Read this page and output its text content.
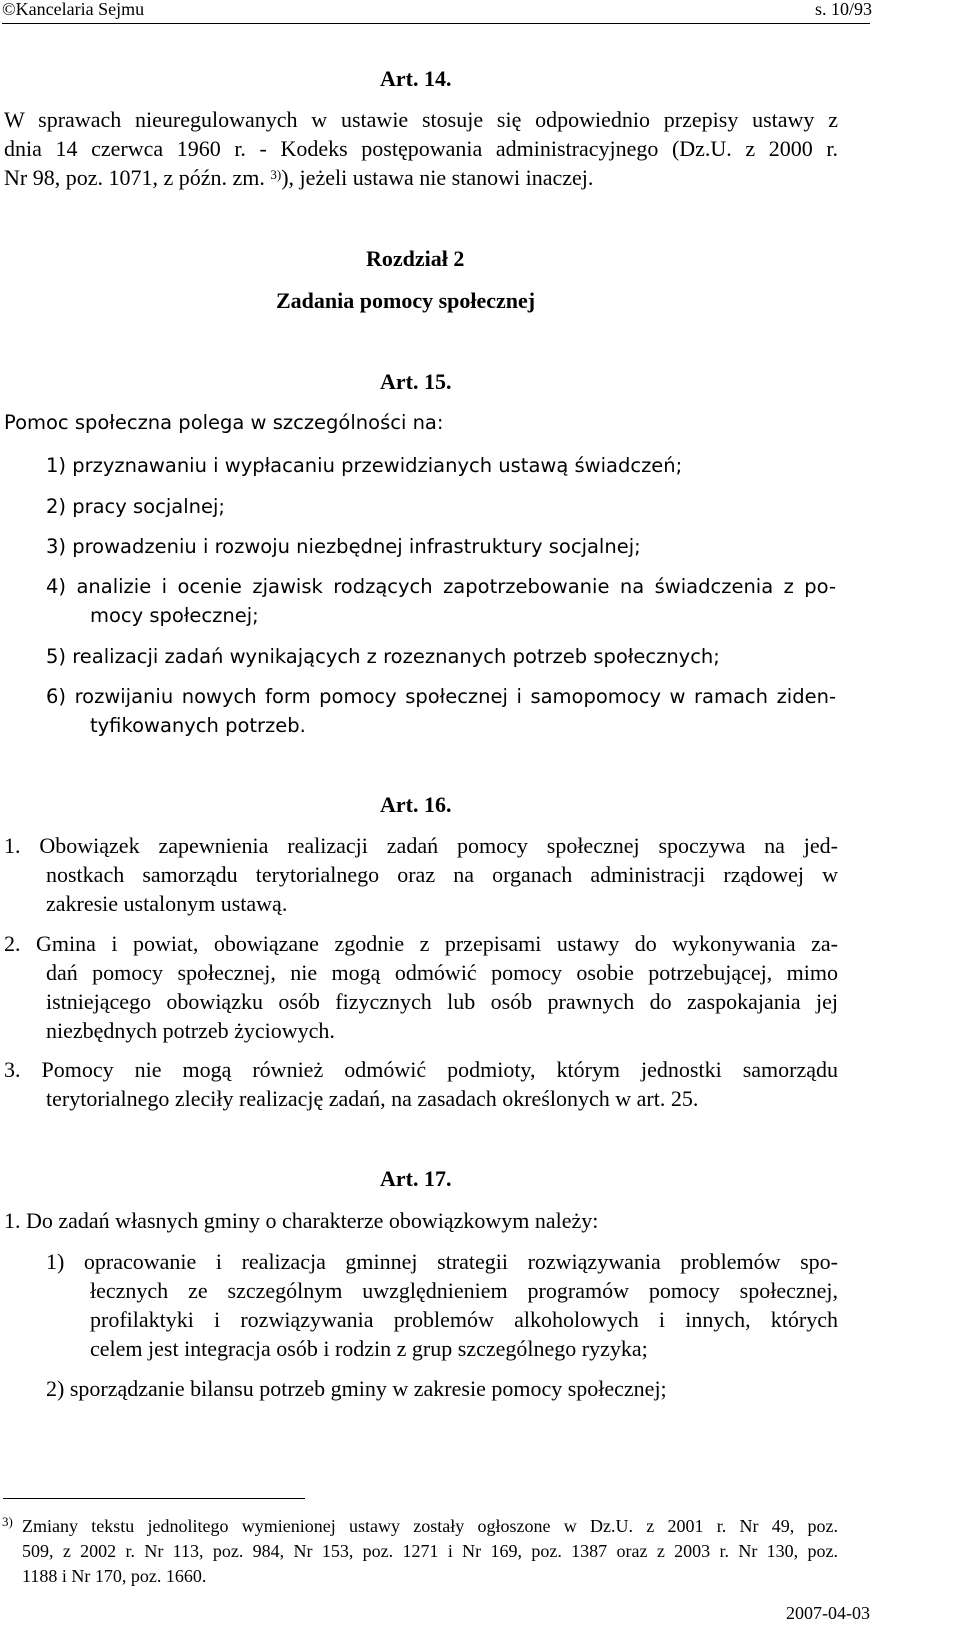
©Kancelaria Sejmu	s. 10/93
Art. 14.
W sprawach nieuregulowanych w ustawie stosuje się odpowiednio przepisy ustawy z
dnia 14 czerwca 1960 r. - Kodeks postępowania administracyjnego (Dz.U. z 2000 r.
Nr 98, poz. 1071, z późn. zm. $^{3)}$), jeżeli ustawa nie stanowi inaczej.
Rozdział 2
Zadania pomocy społecznej
Art. 15.
Pomoc społeczna polega w szczególności na:
1) przyznawaniu i wypłacaniu przewidzianych ustawą świadczeń;
2) pracy socjalnej;
3) prowadzeniu i rozwoju niezbędnej infrastruktury socjalnej;
4) analizie i ocenie zjawisk rodzących zapotrzebowanie na świadczenia z po-
mocy społecznej;
5) realizacji zadań wynikających z rozeznanych potrzeb społecznych;
6) rozwijaniu nowych form pomocy społecznej i samopomocy w ramach ziden-
tyfikowanych potrzeb.
Art. 16.
1. Obowiązek zapewnienia realizacji zadań pomocy społecznej spoczywa na jed-
nostkach samorządu terytorialnego oraz na organach administracji rządowej w
zakresie ustalonym ustawą.
2. Gmina i powiat, obowiązane zgodnie z przepisami ustawy do wykonywania za-
dań pomocy społecznej, nie mogą odmówić pomocy osobie potrzebującej, mimo
istniejącego obowiązku osób fizycznych lub osób prawnych do zaspokajania jej
niezbędnych potrzeb życiowych.
3. Pomocy nie mogą również odmówić podmioty, którym jednostki samorządu
terytorialnego zleciły realizację zadań, na zasadach określonych w art. 25.
Art. 17.
1. Do zadań własnych gminy o charakterze obowiązkowym należy:
1) opracowanie i realizacja gminnej strategii rozwiązywania problemów spo-
łecznych ze szczególnym uwzględnieniem programów pomocy społecznej,
profilaktyki i rozwiązywania problemów alkoholowych i innych, których
celem jest integracja osób i rodzin z grup szczególnego ryzyka;
2) sporządzanie bilansu potrzeb gminy w zakresie pomocy społecznej;
$^{3)}$ Zmiany tekstu jednolitego wymienionej ustawy zostały ogłoszone w Dz.U. z 2001 r. Nr 49, poz.
509, z 2002 r. Nr 113, poz. 984, Nr 153, poz. 1271 i Nr 169, poz. 1387 oraz z 2003 r. Nr 130, poz.
1188 i Nr 170, poz. 1660.
2007-04-03
